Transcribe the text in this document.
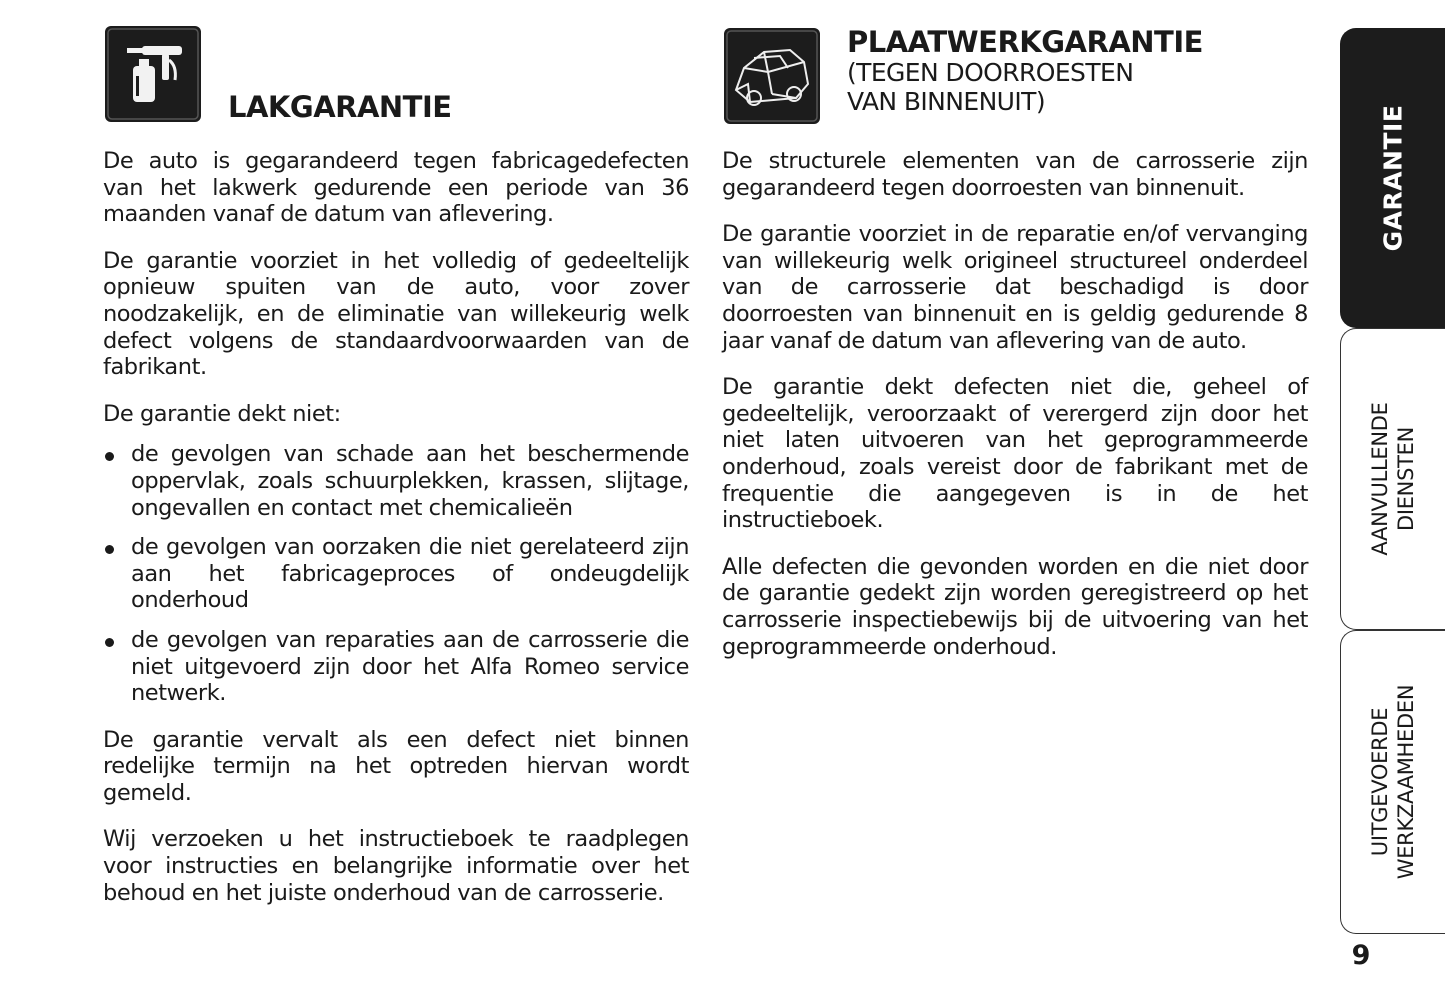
LAKGARANTIE

De auto is gegarandeerd tegen fabricagedefecten van het lakwerk gedurende een periode van 36 maanden vanaf de datum van aflevering.

De garantie voorziet in het volledig of gedeeltelijk opnieuw spuiten van de auto, voor zover noodzakelijk, en de eliminatie van willekeurig welk defect volgens de standaardvoorwaarden van de fabrikant.

De garantie dekt niet:

de gevolgen van schade aan het beschermende oppervlak, zoals schuurplekken, krassen, slijtage, ongevallen en contact met chemicalieën
de gevolgen van oorzaken die niet gerelateerd zijn aan het fabricageproces of ondeugdelijk onderhoud
de gevolgen van reparaties aan de carrosserie die niet uitgevoerd zijn door het Alfa Romeo service netwerk.

De garantie vervalt als een defect niet binnen redelijke termijn na het optreden hiervan wordt gemeld.

Wij verzoeken u het instructieboek te raadplegen voor instructies en belangrijke informatie over het behoud en het juiste onderhoud van de carrosserie.

PLAATWERKGARANTIE

(TEGEN DOORROESTEN

VAN BINNENUIT)

De structurele elementen van de carrosserie zijn gegarandeerd tegen doorroesten van binnenuit.

De garantie voorziet in de reparatie en/of vervanging van willekeurig welk origineel structureel onderdeel van de carrosserie dat beschadigd is door doorroesten van binnenuit en is geldig gedurende 8 jaar vanaf de datum van aflevering van de auto.

De garantie dekt defecten niet die, geheel of gedeeltelijk, veroorzaakt of verergerd zijn door het niet laten uitvoeren van het geprogrammeerde onderhoud, zoals vereist door de fabrikant met de frequentie die aangegeven is in de het instructieboek.

Alle defecten die gevonden worden en die niet door de garantie gedekt zijn worden geregistreerd op het carrosserie inspectiebewijs bij de uitvoering van het geprogrammeerde onderhoud.

GARANTIE
AANVULLENDE DIENSTEN
UITGEVOERDE WERKZAAMHEDEN
9
